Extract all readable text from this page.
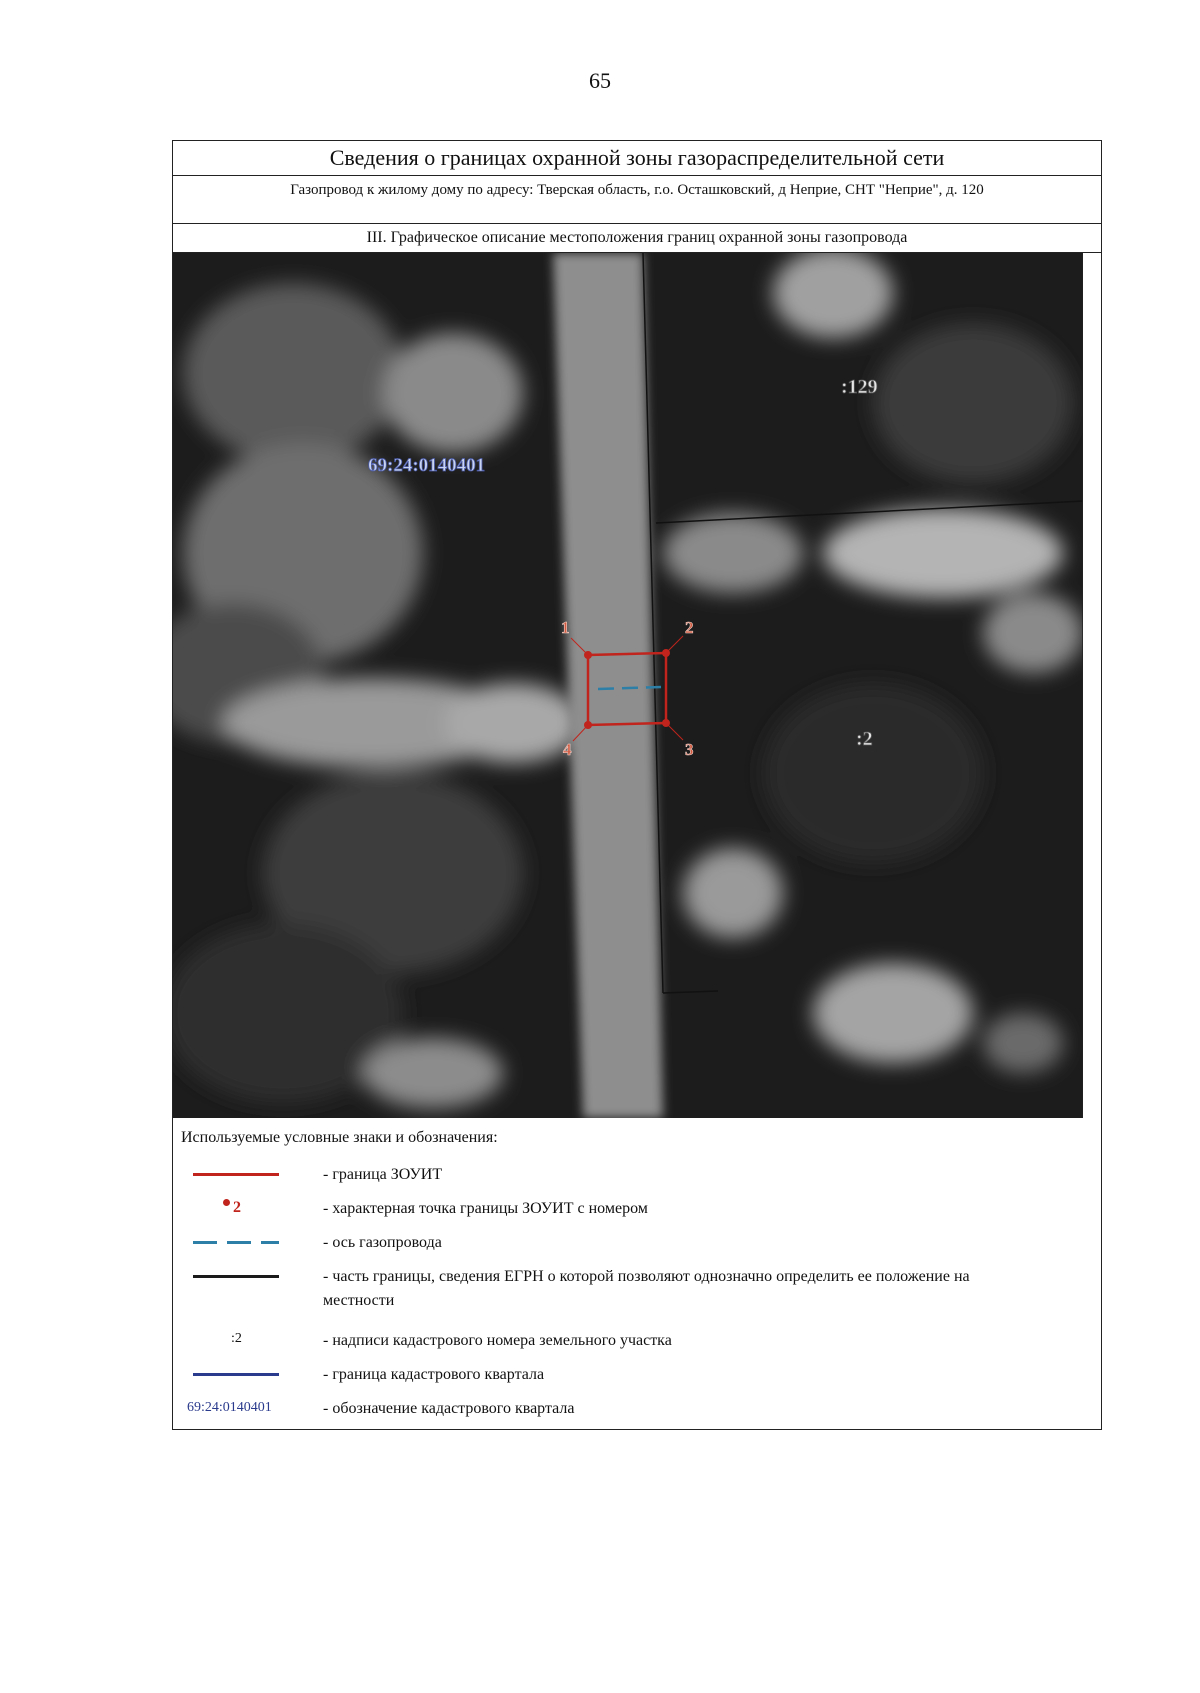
65
Сведения о границах охранной зоны газораспределительной сети
Газопровод к жилому дому по адресу: Тверская область, г.о. Осташковский, д Неприе, СНТ "Неприе", д. 120
III. Графическое описание местоположения границ охранной зоны газопровода
1	2
3
4
69:24:0140401
:129
:2
Используемые условные знаки и обозначения:
- граница ЗОУИТ
2	- характерная точка границы ЗОУИТ с номером
- ось газопровода
- часть границы, сведения ЕГРН о которой позволяют однозначно определить ее положение на местности
:2	- надписи кадастрового номера земельного участка
- граница кадастрового квартала
69:24:0140401	- обозначение кадастрового квартала
